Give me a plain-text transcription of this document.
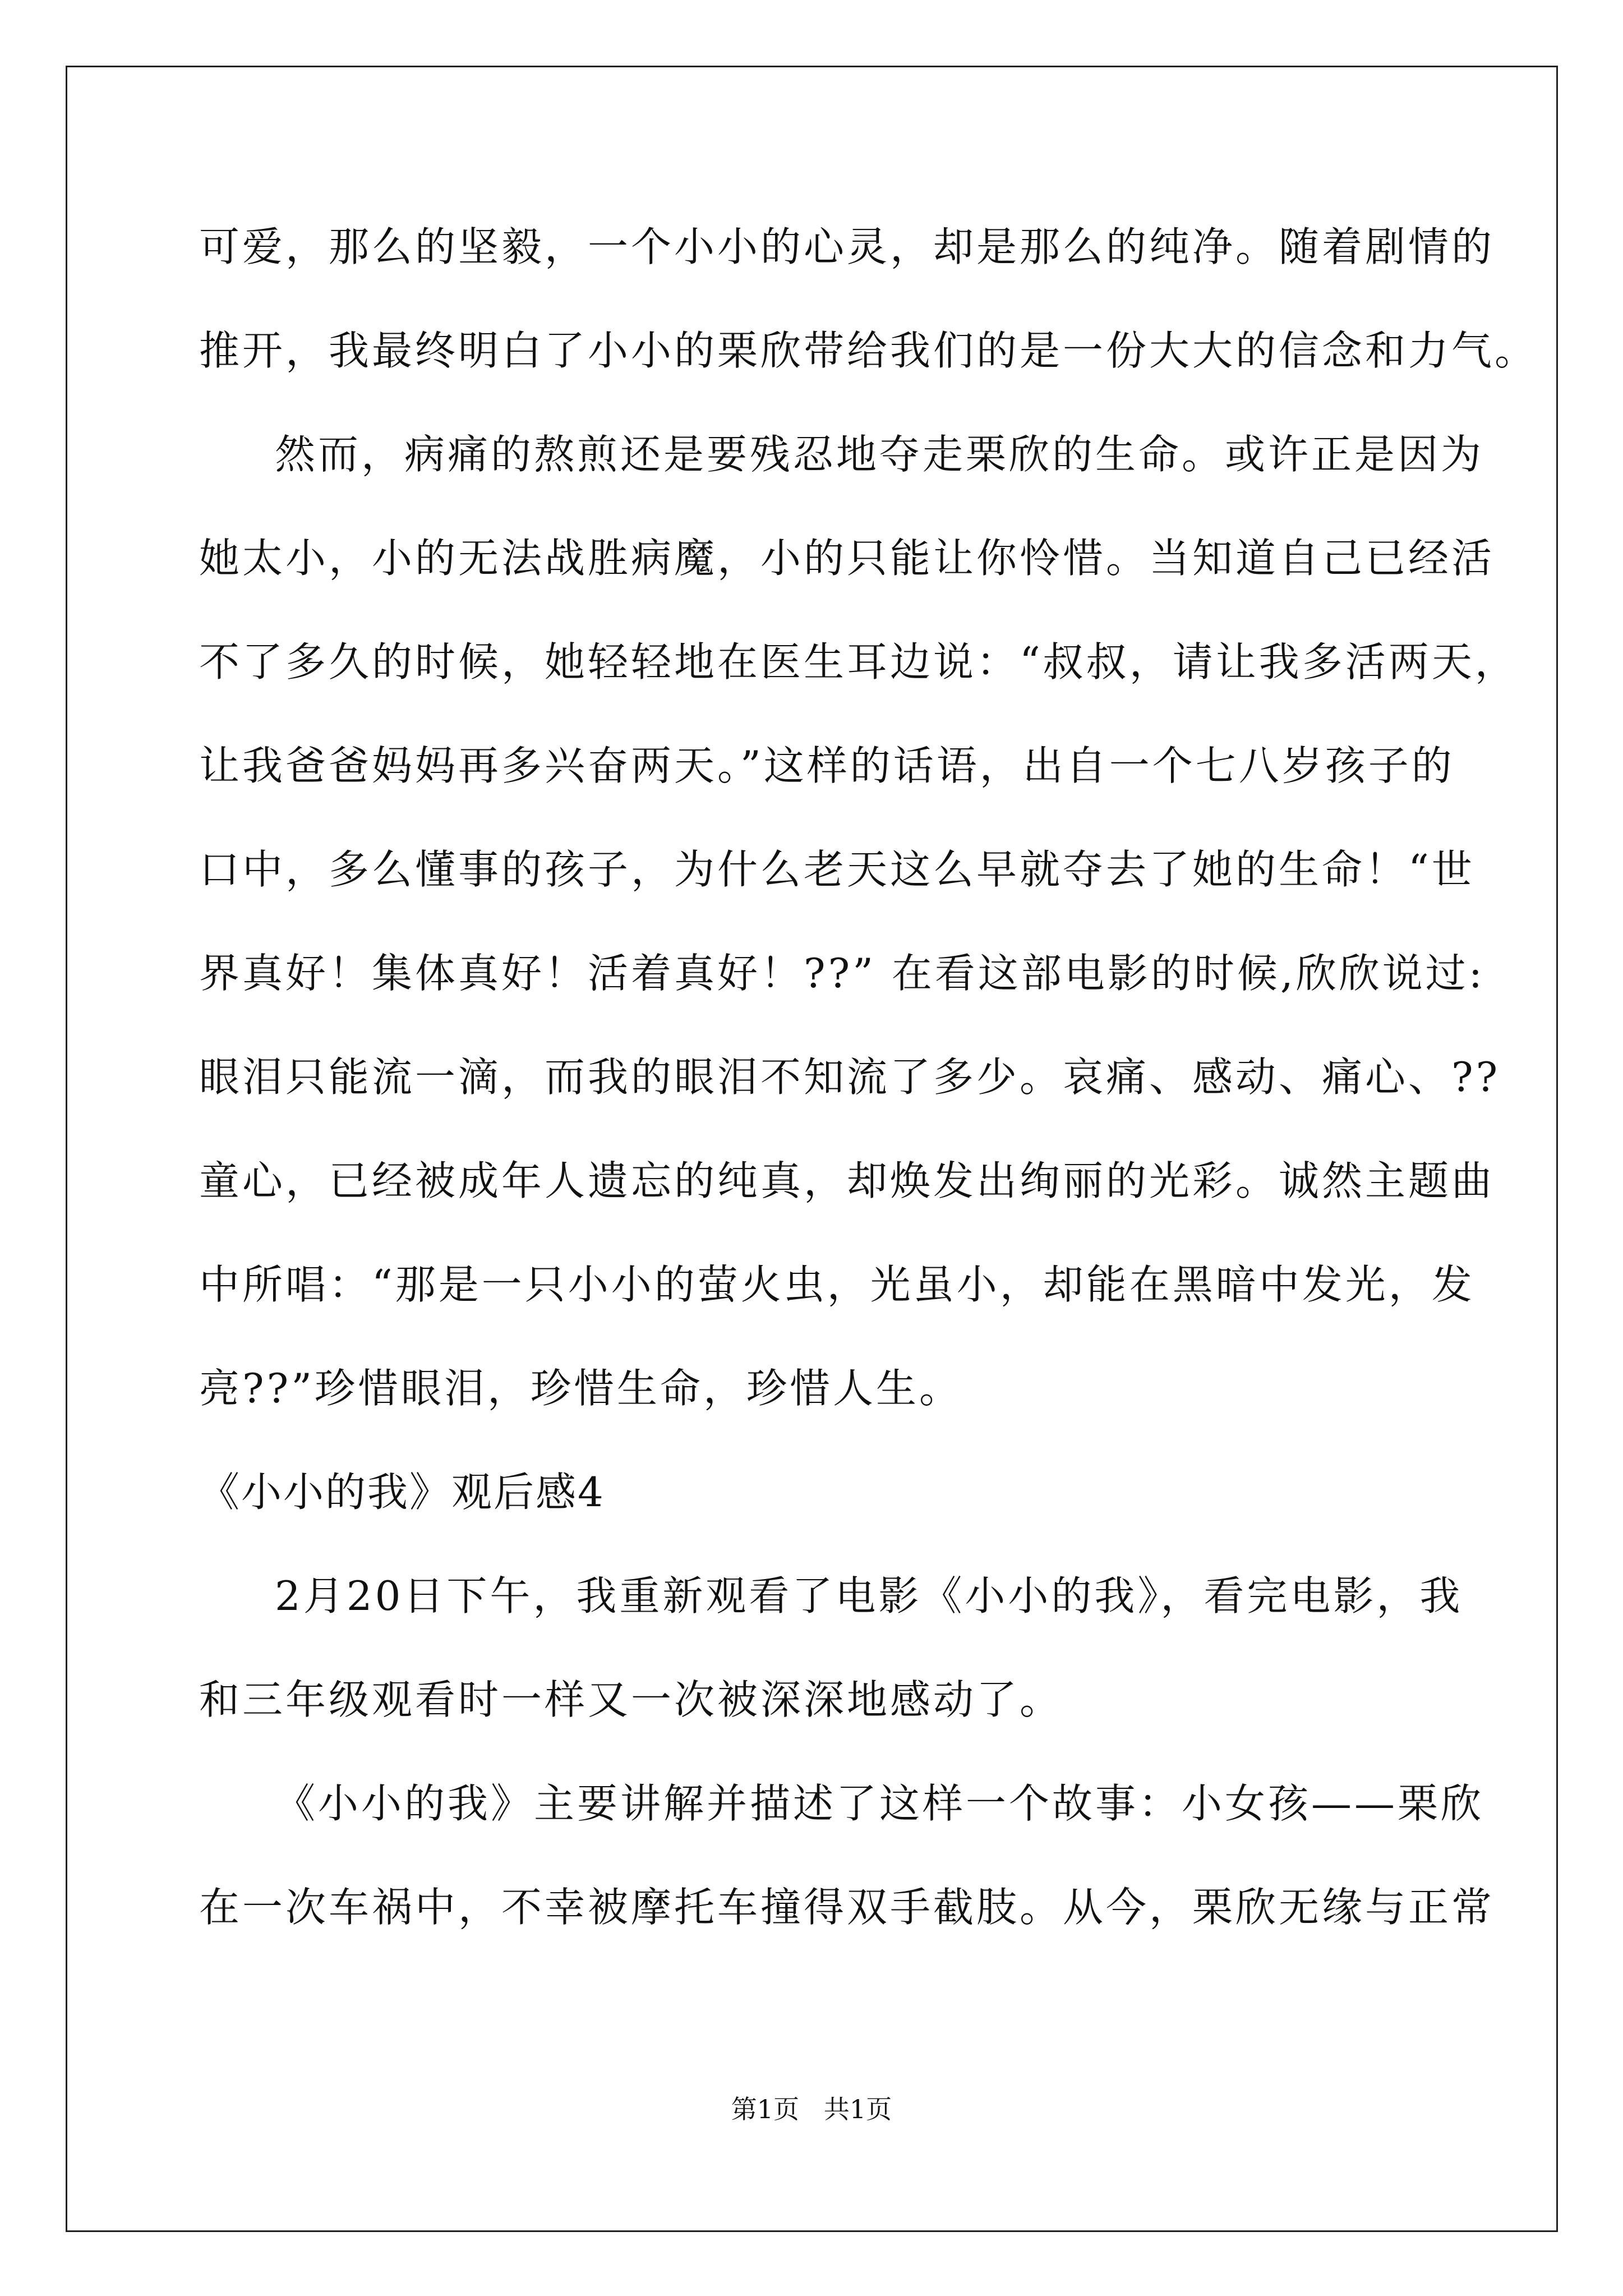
可爱，那么的坚毅，一个小小的心灵，却是那么的纯净。随着剧情的
推开，我最终明白了小小的栗欣带给我们的是一份大大的信念和力气。
然而，病痛的熬煎还是要残忍地夺走栗欣的生命。或许正是因为
她太小，小的无法战胜病魔，小的只能让你怜惜。当知道自己已经活
不了多久的时候，她轻轻地在医生耳边说：“叔叔，请让我多活两天，
让我爸爸妈妈再多兴奋两天。”这样的话语，出自一个七八岁孩子的
口中，多么懂事的孩子，为什么老天这么早就夺去了她的生命！“世
界真好！集体真好！活着真好！??” 在看这部电影的时候,欣欣说过:
眼泪只能流一滴，而我的眼泪不知流了多少。哀痛、感动、痛心、??
童心，已经被成年人遗忘的纯真，却焕发出绚丽的光彩。诚然主题曲
中所唱：“那是一只小小的萤火虫，光虽小，却能在黑暗中发光，发
亮??”珍惜眼泪，珍惜生命，珍惜人生。
《小小的我》观后感4
2月20日下午，我重新观看了电影《小小的我》，看完电影，我
和三年级观看时一样又一次被深深地感动了。
《小小的我》主要讲解并描述了这样一个故事：小女孩——栗欣
在一次车祸中，不幸被摩托车撞得双手截肢。从今，栗欣无缘与正常
第1页   共1页
